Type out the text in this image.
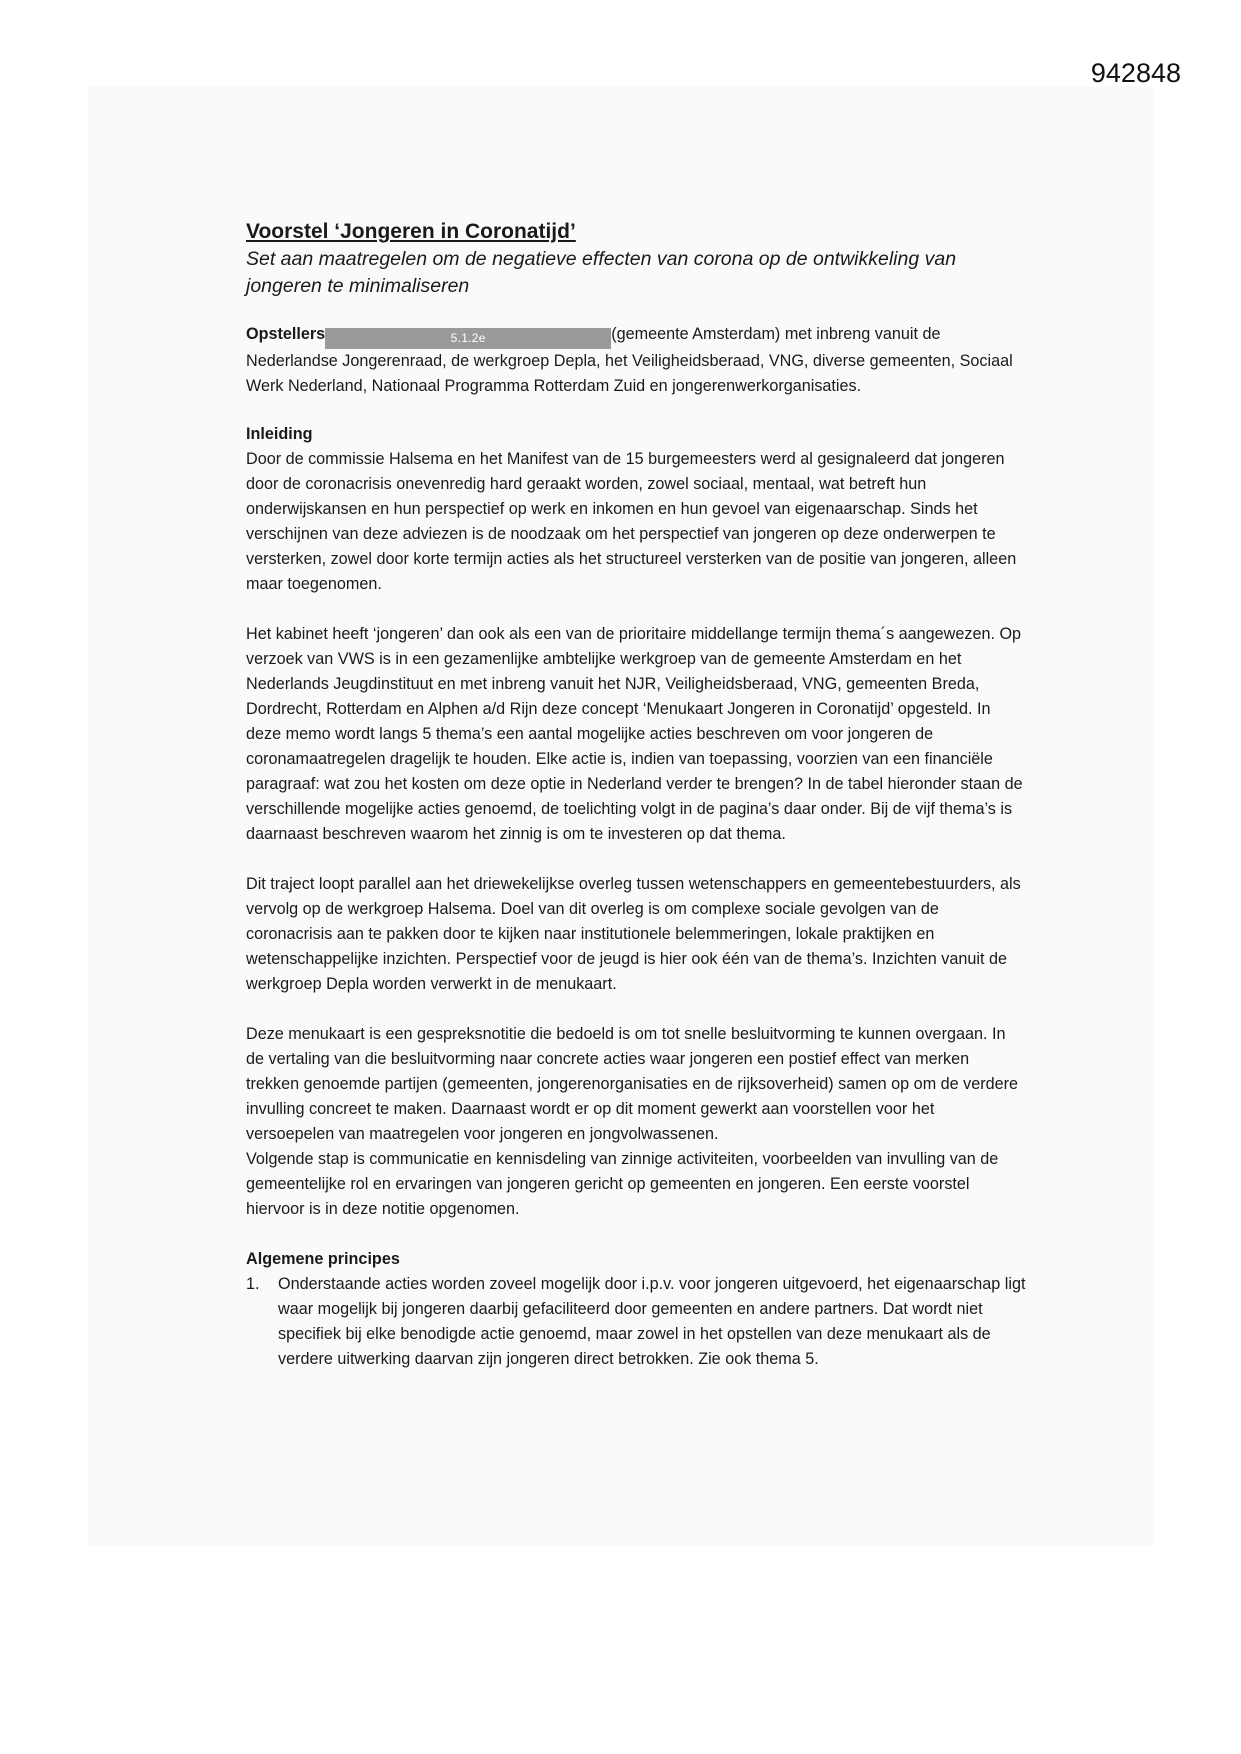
942848
Voorstel ‘Jongeren in Coronatijd’
Set aan maatregelen om de negatieve effecten van corona op de ontwikkeling van jongeren te minimaliseren
Opstellers	5.1.2e	(gemeente Amsterdam) met inbreng vanuit de Nederlandse Jongerenraad, de werkgroep Depla, het Veiligheidsberaad, VNG, diverse gemeenten, Sociaal Werk Nederland, Nationaal Programma Rotterdam Zuid en jongerenwerkorganisaties.
Inleiding

Door de commissie Halsema en het Manifest van de 15 burgemeesters werd al gesignaleerd dat jongeren door de coronacrisis onevenredig hard geraakt worden, zowel sociaal, mentaal, wat betreft hun onderwijskansen en hun perspectief op werk en inkomen en hun gevoel van eigenaarschap. Sinds het verschijnen van deze adviezen is de noodzaak om het perspectief van jongeren op deze onderwerpen te versterken, zowel door korte termijn acties als het structureel versterken van de positie van jongeren, alleen maar toegenomen.

Het kabinet heeft ‘jongeren’ dan ook als een van de prioritaire middellange termijn thema´s aangewezen. Op verzoek van VWS is in een gezamenlijke ambtelijke werkgroep van de gemeente Amsterdam en het Nederlands Jeugdinstituut en met inbreng vanuit het NJR, Veiligheidsberaad, VNG, gemeenten Breda, Dordrecht, Rotterdam en Alphen a/d Rijn deze concept ‘Menukaart Jongeren in Coronatijd’ opgesteld. In deze memo wordt langs 5 thema’s een aantal mogelijke acties beschreven om voor jongeren de coronamaatregelen dragelijk te houden. Elke actie is, indien van toepassing, voorzien van een financiële paragraaf: wat zou het kosten om deze optie in Nederland verder te brengen? In de tabel hieronder staan de verschillende mogelijke acties genoemd, de toelichting volgt in de pagina’s daar onder. Bij de vijf thema’s is daarnaast beschreven waarom het zinnig is om te investeren op dat thema.

Dit traject loopt parallel aan het driewekelijkse overleg tussen wetenschappers en gemeentebestuurders, als vervolg op de werkgroep Halsema. Doel van dit overleg is om complexe sociale gevolgen van de coronacrisis aan te pakken door te kijken naar institutionele belemmeringen, lokale praktijken en wetenschappelijke inzichten. Perspectief voor de jeugd is hier ook één van de thema’s. Inzichten vanuit de werkgroep Depla worden verwerkt in de menukaart.

Deze menukaart is een gespreksnotitie die bedoeld is om tot snelle besluitvorming te kunnen overgaan. In de vertaling van die besluitvorming naar concrete acties waar jongeren een postief effect van merken trekken genoemde partijen (gemeenten, jongerenorganisaties en de rijksoverheid) samen op om de verdere invulling concreet te maken. Daarnaast wordt er op dit moment gewerkt aan voorstellen voor het versoepelen van maatregelen voor jongeren en jongvolwassenen.

Volgende stap is communicatie en kennisdeling van zinnige activiteiten, voorbeelden van invulling van de gemeentelijke rol en ervaringen van jongeren gericht op gemeenten en jongeren. Een eerste voorstel hiervoor is in deze notitie opgenomen.

Algemene principes
1. Onderstaande acties worden zoveel mogelijk door i.p.v. voor jongeren uitgevoerd, het eigenaarschap ligt waar mogelijk bij jongeren daarbij gefaciliteerd door gemeenten en andere partners. Dat wordt niet specifiek bij elke benodigde actie genoemd, maar zowel in het opstellen van deze menukaart als de verdere uitwerking daarvan zijn jongeren direct betrokken. Zie ook thema 5.
